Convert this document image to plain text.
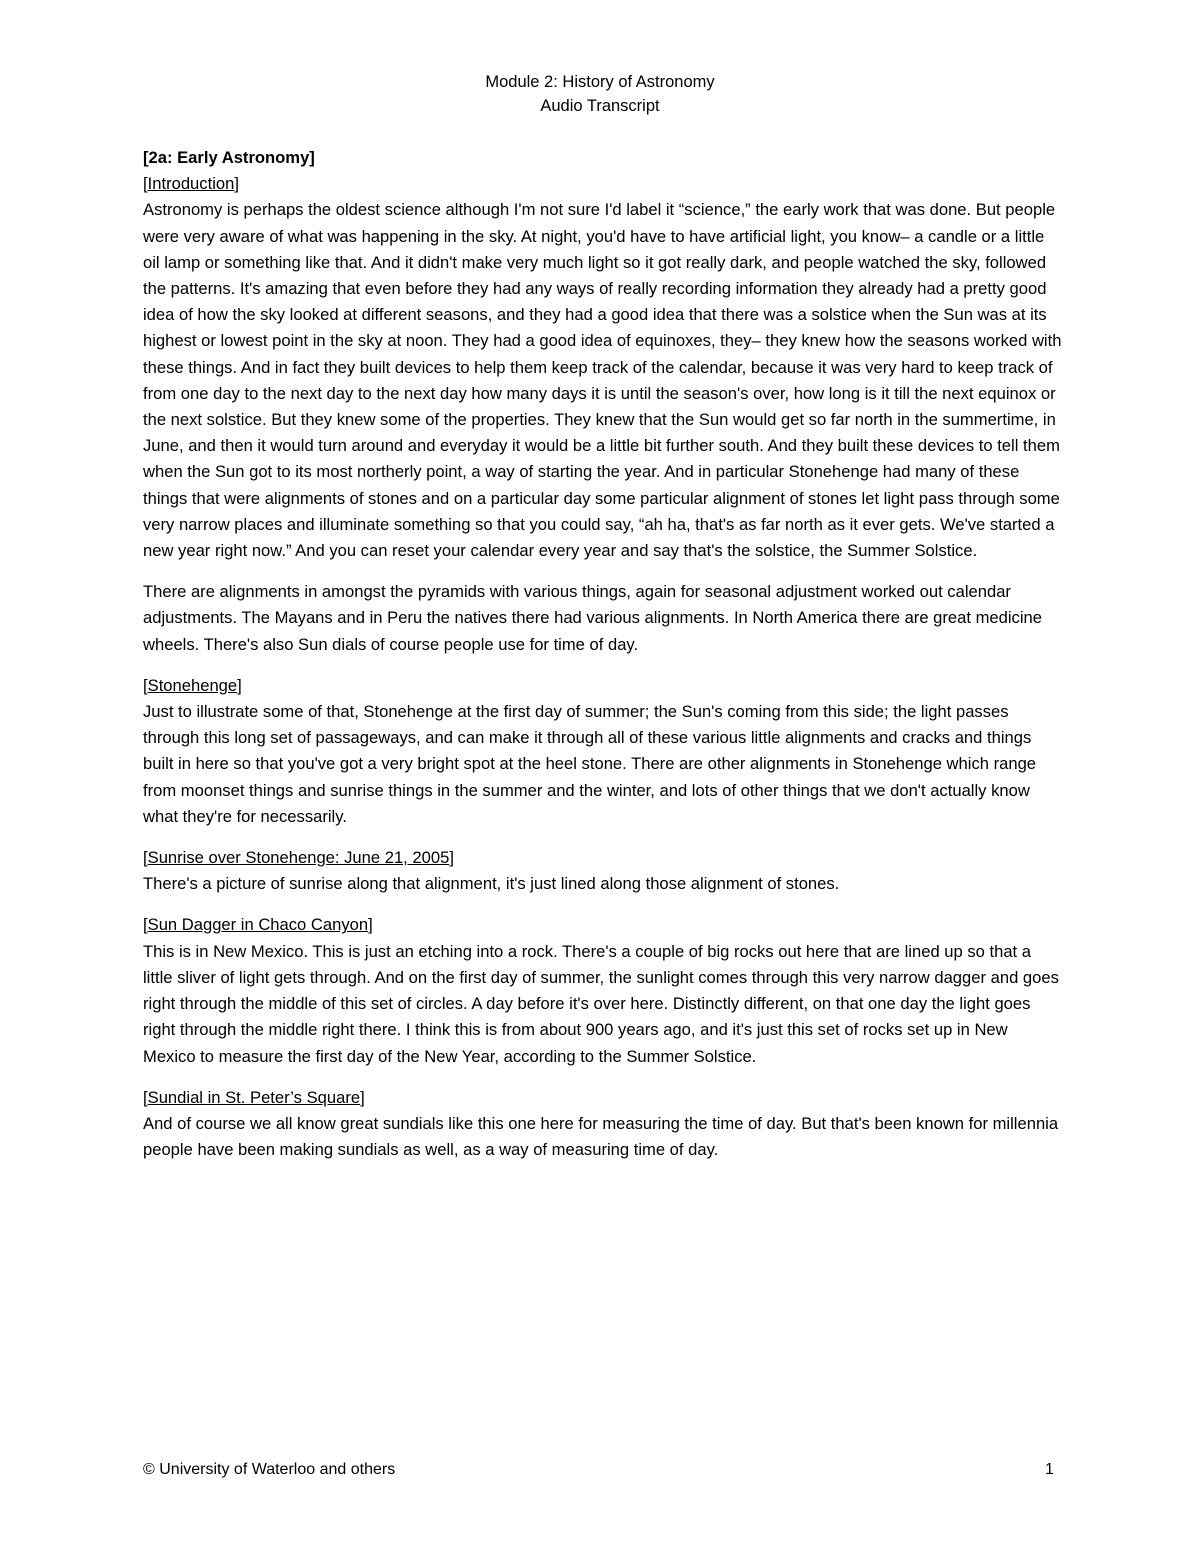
Module 2: History of Astronomy
Audio Transcript
[2a: Early Astronomy]

[Introduction]
Astronomy is perhaps the oldest science although I'm not sure I'd label it “science,” the early work that was done. But people were very aware of what was happening in the sky. At night, you'd have to have artificial light, you know– a candle or a little oil lamp or something like that. And it didn't make very much light so it got really dark, and people watched the sky, followed the patterns. It's amazing that even before they had any ways of really recording information they already had a pretty good idea of how the sky looked at different seasons, and they had a good idea that there was a solstice when the Sun was at its highest or lowest point in the sky at noon. They had a good idea of equinoxes, they– they knew how the seasons worked with these things. And in fact they built devices to help them keep track of the calendar, because it was very hard to keep track of from one day to the next day to the next day how many days it is until the season's over, how long is it till the next equinox or the next solstice. But they knew some of the properties. They knew that the Sun would get so far north in the summertime, in June, and then it would turn around and everyday it would be a little bit further south. And they built these devices to tell them when the Sun got to its most northerly point, a way of starting the year. And in particular Stonehenge had many of these things that were alignments of stones and on a particular day some particular alignment of stones let light pass through some very narrow places and illuminate something so that you could say, “ah ha, that's as far north as it ever gets. We've started a new year right now.” And you can reset your calendar every year and say that's the solstice, the Summer Solstice.

There are alignments in amongst the pyramids with various things, again for seasonal adjustment worked out calendar adjustments. The Mayans and in Peru the natives there had various alignments. In North America there are great medicine wheels. There's also Sun dials of course people use for time of day.

[Stonehenge]
Just to illustrate some of that, Stonehenge at the first day of summer; the Sun's coming from this side; the light passes through this long set of passageways, and can make it through all of these various little alignments and cracks and things built in here so that you've got a very bright spot at the heel stone. There are other alignments in Stonehenge which range from moonset things and sunrise things in the summer and the winter, and lots of other things that we don't actually know what they're for necessarily.

[Sunrise over Stonehenge: June 21, 2005]
There's a picture of sunrise along that alignment, it's just lined along those alignment of stones.

[Sun Dagger in Chaco Canyon]
This is in New Mexico. This is just an etching into a rock. There's a couple of big rocks out here that are lined up so that a little sliver of light gets through. And on the first day of summer, the sunlight comes through this very narrow dagger and goes right through the middle of this set of circles. A day before it's over here. Distinctly different, on that one day the light goes right through the middle right there. I think this is from about 900 years ago, and it's just this set of rocks set up in New Mexico to measure the first day of the New Year, according to the Summer Solstice.

[Sundial in St. Peter’s Square]
And of course we all know great sundials like this one here for measuring the time of day. But that's been known for millennia people have been making sundials as well, as a way of measuring time of day.

© University of Waterloo and others	1
